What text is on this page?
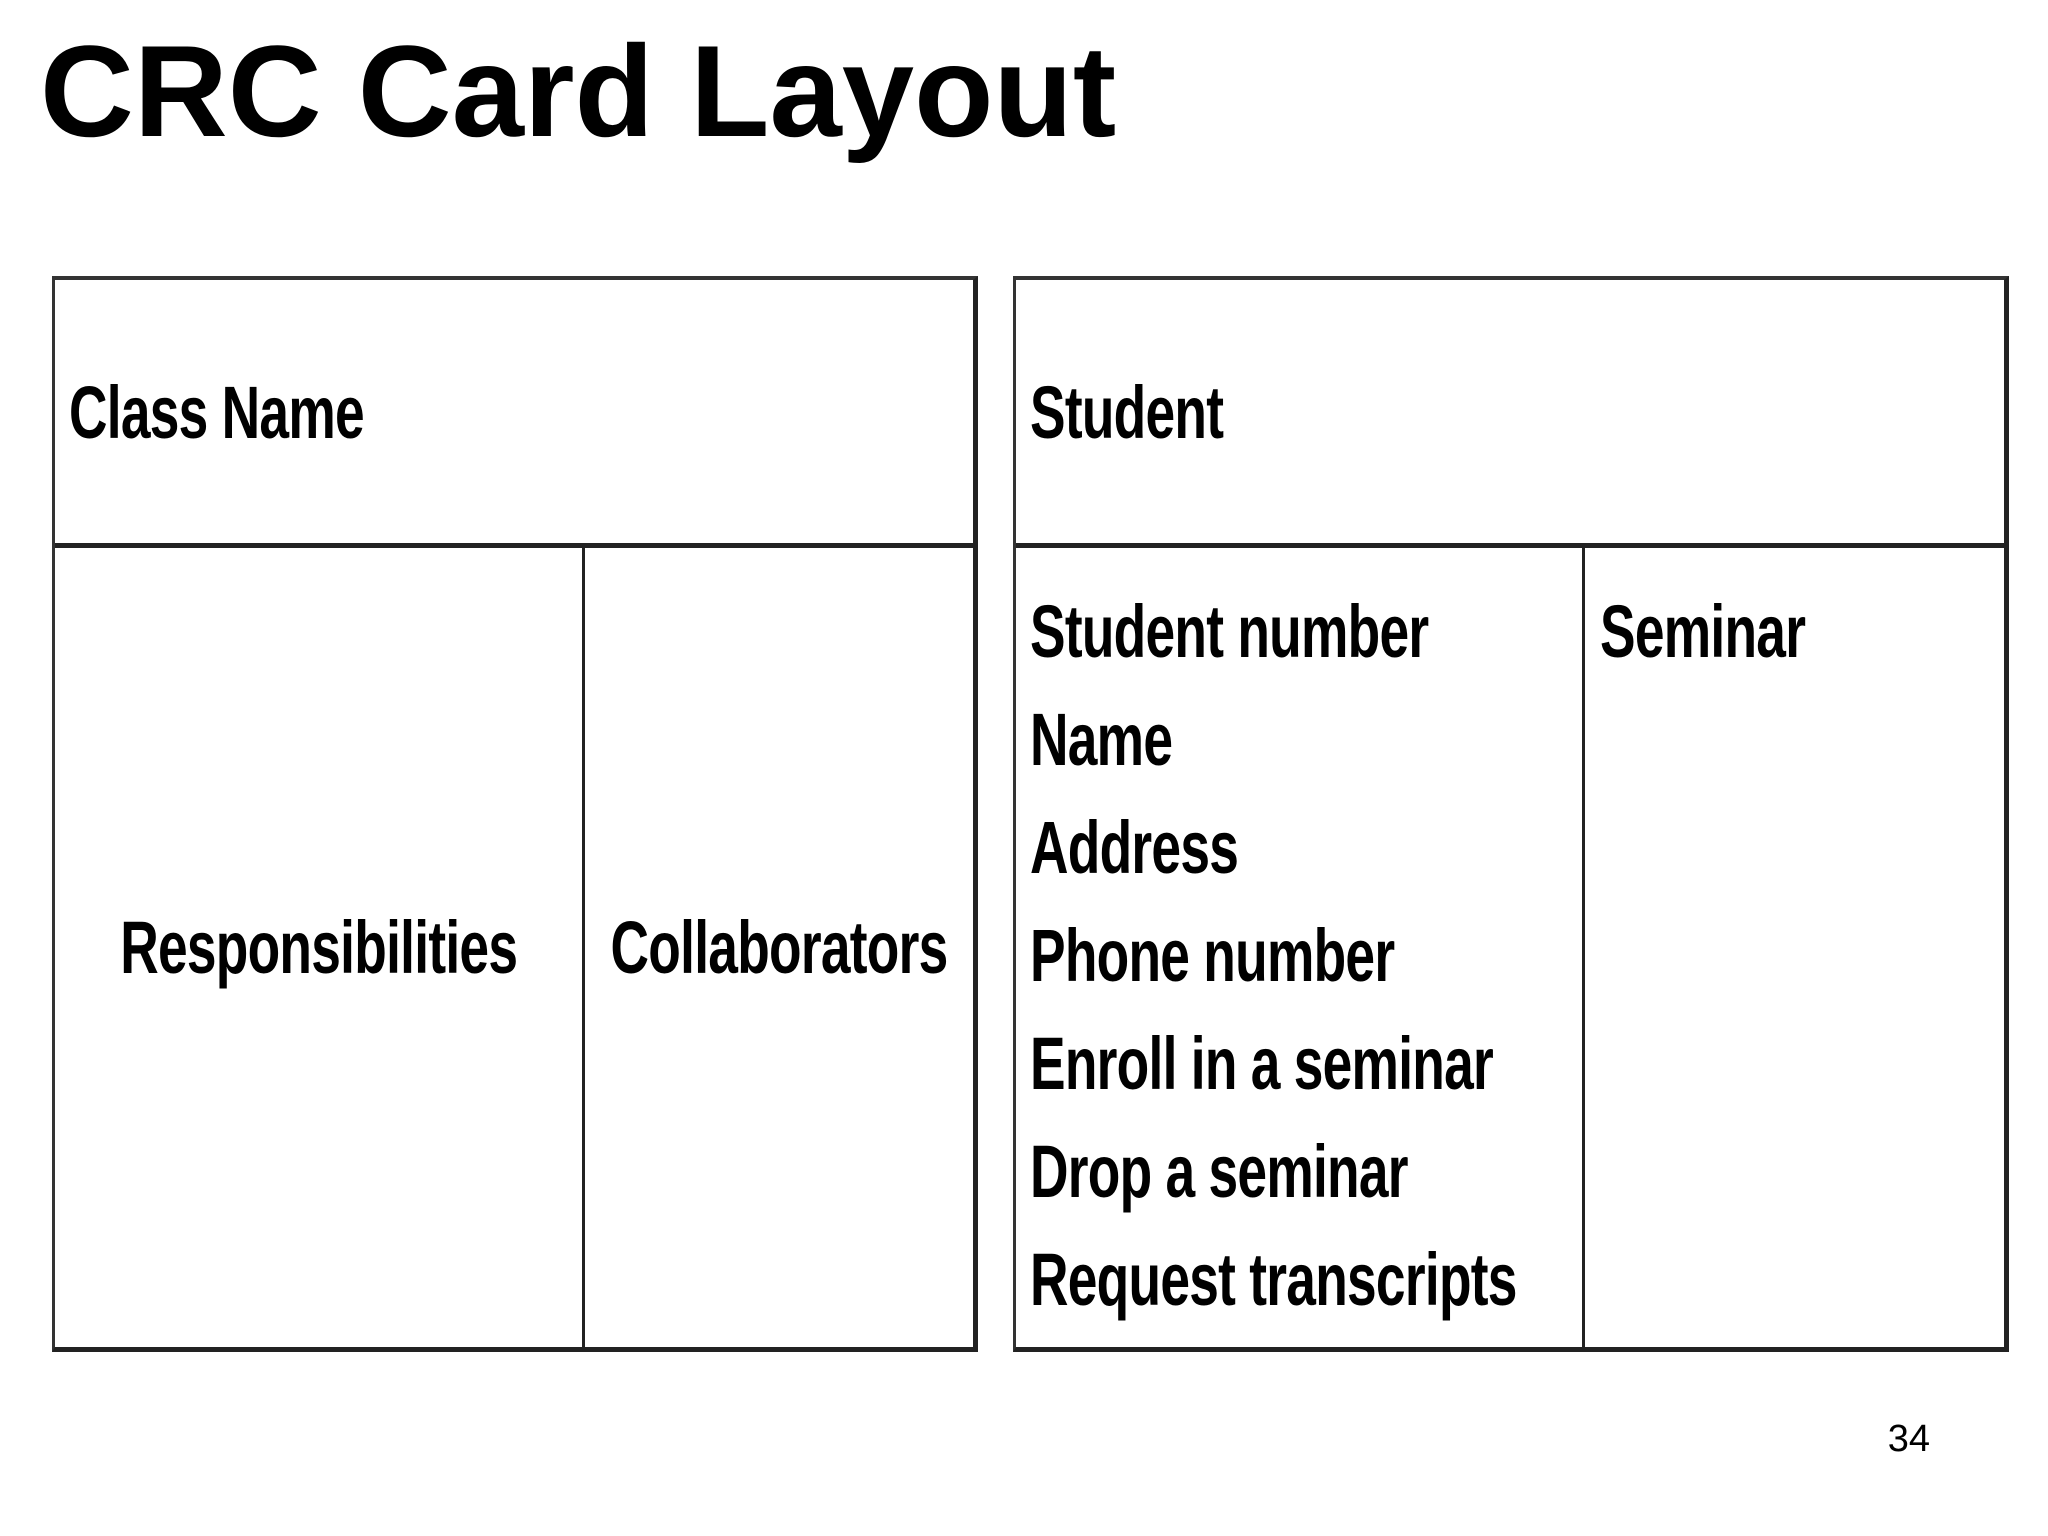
CRC Card Layout
Class Name
Responsibilities Collaborators
Student
Student number
Name
Address
Phone number
Enroll in a seminar
Drop a seminar
Request transcripts
Seminar
34
